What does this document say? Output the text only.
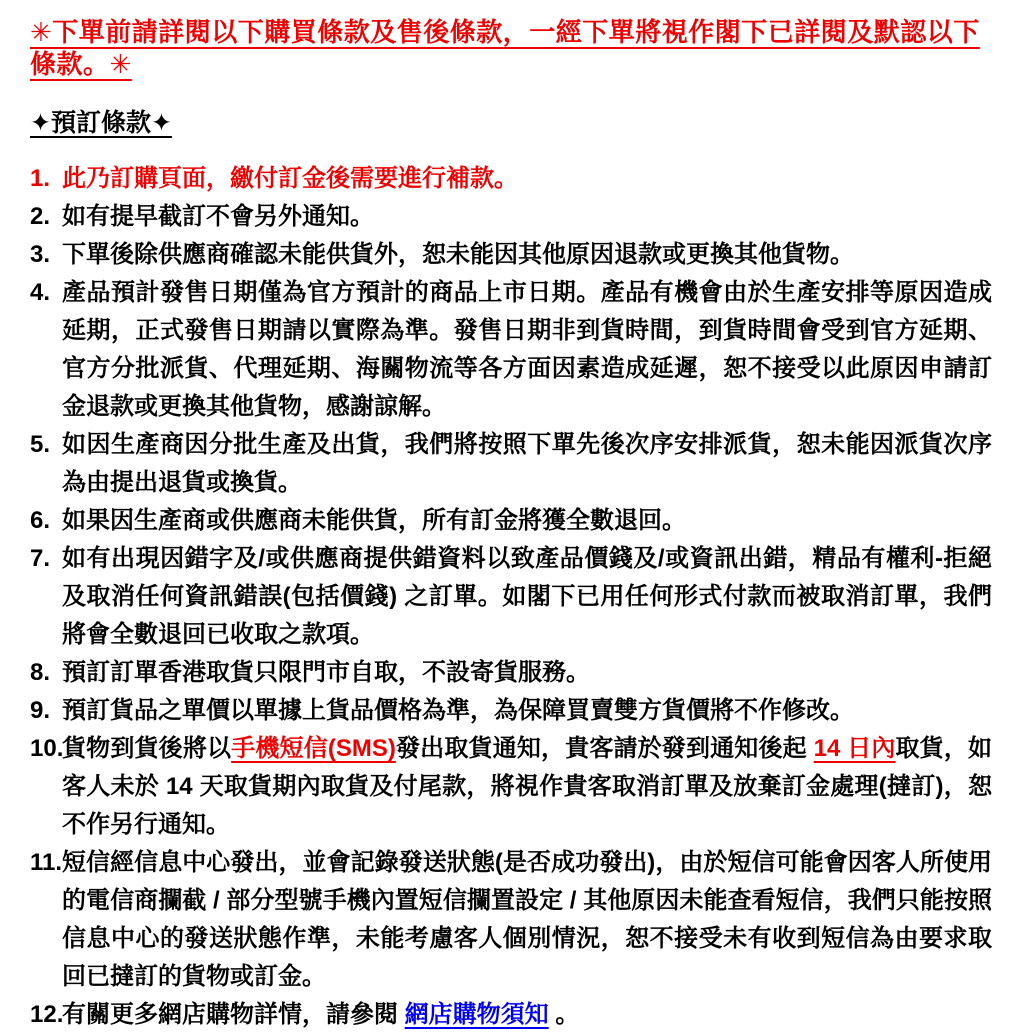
✳下單前請詳閱以下購買條款及售後條款，一經下單將視作閣下已詳閱及默認以下條款。✳
✦預訂條款✦
1. 此乃訂購頁面，繳付訂金後需要進行補款。
2. 如有提早截訂不會另外通知。
3. 下單後除供應商確認未能供貨外，恕未能因其他原因退款或更換其他貨物。
4. 產品預計發售日期僅為官方預計的商品上市日期。產品有機會由於生產安排等原因造成延期，正式發售日期請以實際為準。發售日期非到貨時間，到貨時間會受到官方延期、官方分批派貨、代理延期、海關物流等各方面因素造成延遲，恕不接受以此原因申請訂金退款或更換其他貨物，感謝諒解。
5. 如因生產商因分批生產及出貨，我們將按照下單先後次序安排派貨，恕未能因派貨次序為由提出退貨或換貨。
6. 如果因生產商或供應商未能供貨，所有訂金將獲全數退回。
7. 如有出現因錯字及/或供應商提供錯資料以致產品價錢及/或資訊出錯，精品有權利-拒絕及取消任何資訊錯誤(包括價錢) 之訂單。如閣下已用任何形式付款而被取消訂單，我們將會全數退回已收取之款項。
8. 預訂訂單香港取貨只限門市自取，不設寄貨服務。
9. 預訂貨品之單價以單據上貨品價格為準，為保障買賣雙方貨價將不作修改。
10.
貨物到貨後將以手機短信(SMS)發出取貨通知，貴客請於發到通知後起 14 日內取貨，如客人未於 14 天取貨期內取貨及付尾款，將視作貴客取消訂單及放棄訂金處理(撻訂)，恕不作另行通知。
11. 短信經信息中心發出，並會記錄發送狀態(是否成功發出)，由於短信可能會因客人所使用的電信商攔截 / 部分型號手機內置短信攔置設定 / 其他原因未能查看短信，我們只能按照信息中心的發送狀態作準，未能考慮客人個別情況，恕不接受未有收到短信為由要求取回已撻訂的貨物或訂金。
12.
有關更多網店購物詳情，請參閱 網店購物須知 。
